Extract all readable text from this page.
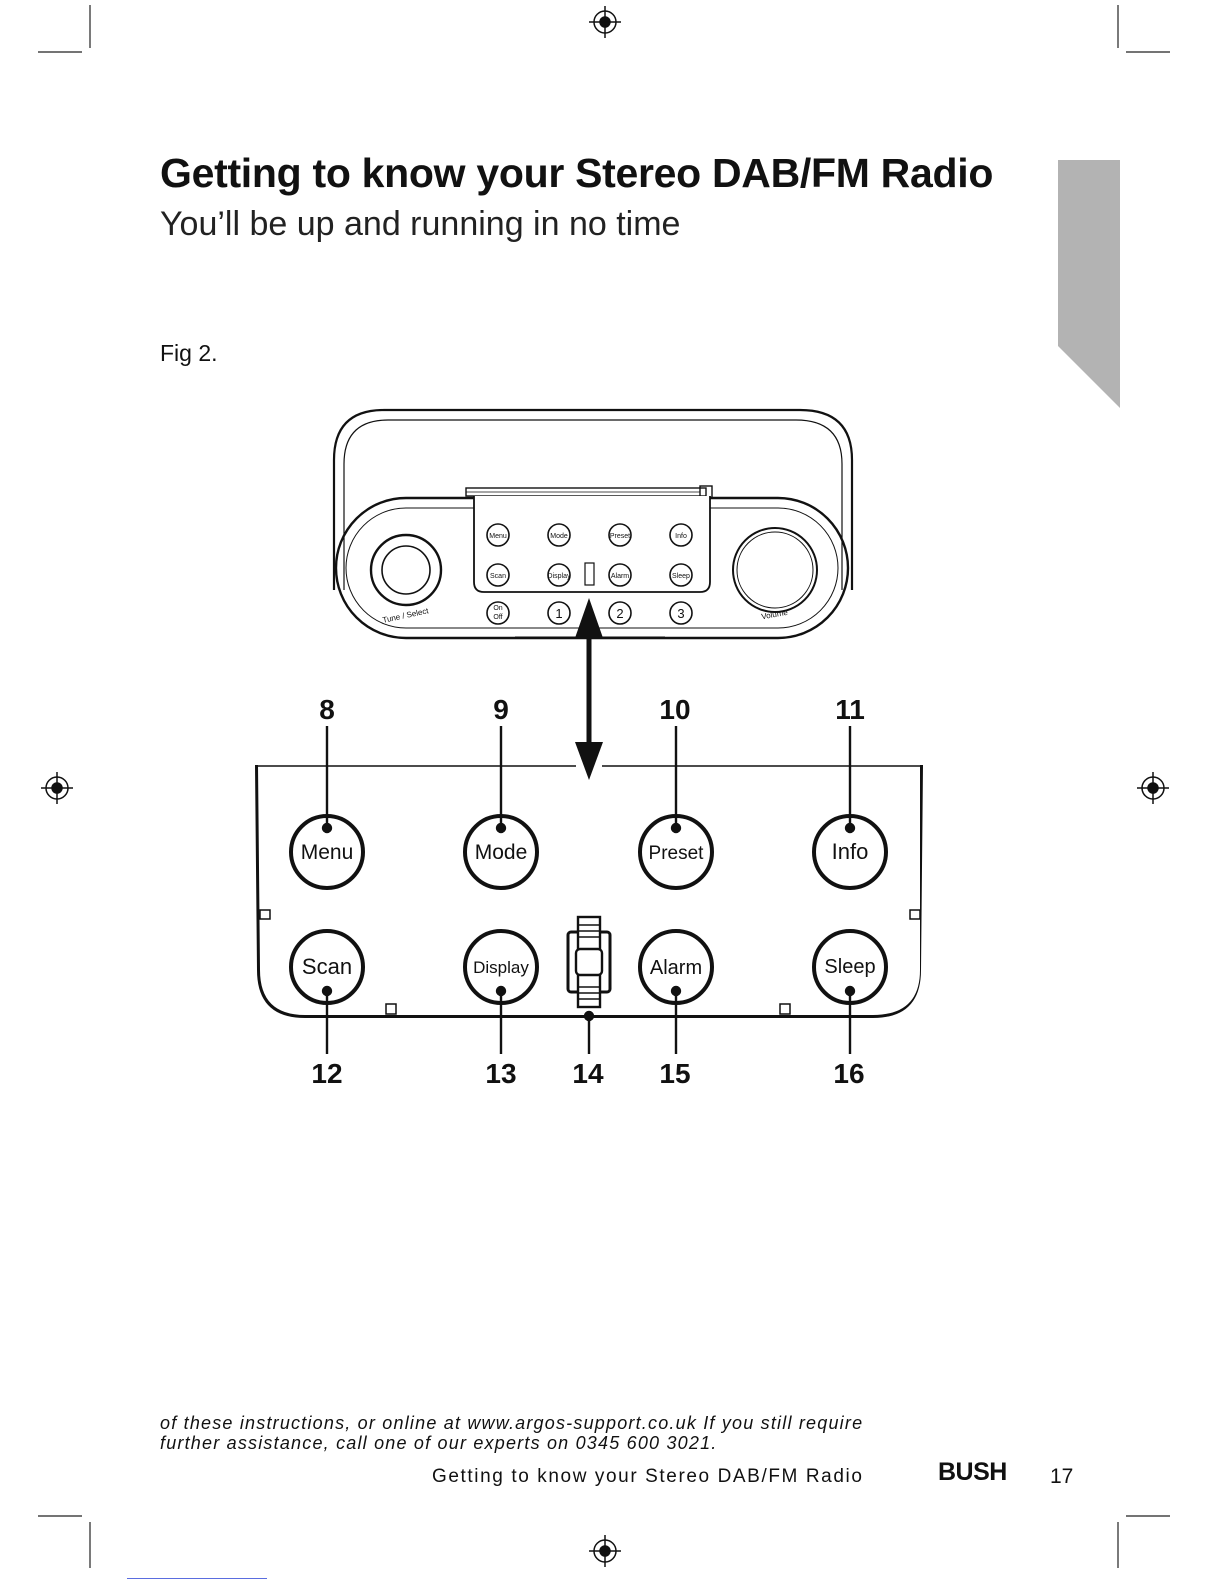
Getting to know your Stereo DAB/FM Radio
You’ll be up and running in no time
Fig 2.
Menu	Mode	Preset	Info
Scan	Display	Alarm	Sleep
On
Off	1	2	3
Tune / Select	Volume
Menu	Mode	Preset	Info
Scan	Display	Alarm	Sleep
8	9	10	11
12	13 14 15	16
of these instructions, or online at www.argos-support.co.uk If you still require
further assistance, call one of our experts on 0345 600 3021.
Getting to know your Stereo DAB/FM Radio	BUSH 17
